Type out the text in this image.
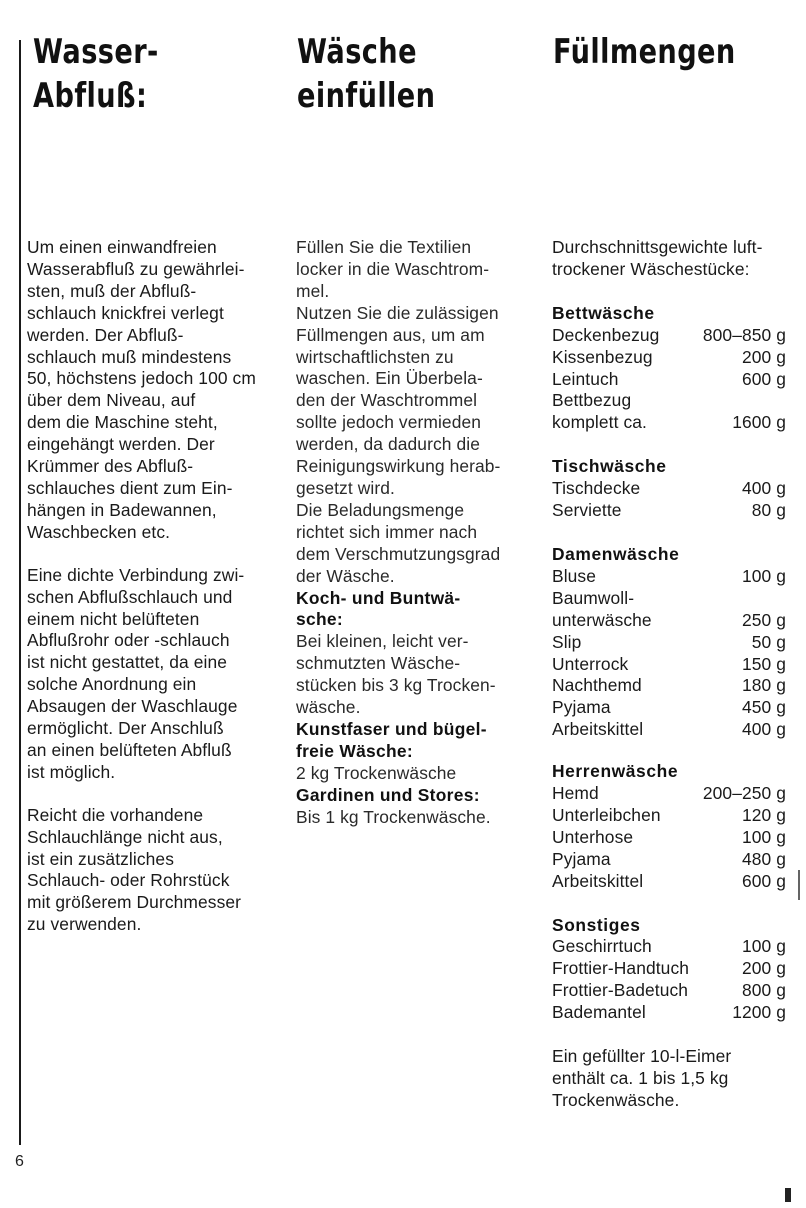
Wasser-
Abfluß:
Wäsche
einfüllen
Füllmengen

Um einen einwandfreien
Wasserabfluß zu gewährlei-
sten, muß der Abfluß-
schlauch knickfrei verlegt
werden. Der Abfluß-
schlauch muß mindestens
50, höchstens jedoch 100 cm
über dem Niveau, auf
dem die Maschine steht,
eingehängt werden. Der
Krümmer des Abfluß-
schlauches dient zum Ein-
hängen in Badewannen,
Waschbecken etc.

Eine dichte Verbindung zwi-
schen Abflußschlauch und
einem nicht belüfteten
Abflußrohr oder -schlauch
ist nicht gestattet, da eine
solche Anordnung ein
Absaugen der Waschlauge
ermöglicht. Der Anschluß
an einen belüfteten Abfluß
ist möglich.

Reicht die vorhandene
Schlauchlänge nicht aus,
ist ein zusätzliches
Schlauch- oder Rohrstück
mit größerem Durchmesser
zu verwenden.

Füllen Sie die Textilien
locker in die Waschtrom-
mel.

Nutzen Sie die zulässigen
Füllmengen aus, um am
wirtschaftlichsten zu
waschen. Ein Überbela-
den der Waschtrommel
sollte jedoch vermieden
werden, da dadurch die
Reinigungswirkung herab-
gesetzt wird.

Die Beladungsmenge
richtet sich immer nach
dem Verschmutzungsgrad
der Wäsche.

Koch- und Buntwä-
sche:
Bei kleinen, leicht ver-
schmutzten Wäsche-
stücken bis 3 kg Trocken-
wäsche.

Kunstfaser und bügel-
freie Wäsche:
2 kg Trockenwäsche

Gardinen und Stores:
Bis 1 kg Trockenwäsche.

Durchschnittsgewichte luft-
trockener Wäschestücke:

Bettwäsche
Deckenbezug 800–850 g
Kissenbezug	200 g
Leintuch	600 g
Bettbezug
komplett ca.	1600 g
Tischwäsche
Tischdecke	400 g
Serviette	80 g
Damenwäsche
Bluse	100 g
Baumwoll-
unterwäsche	250 g
Slip	50 g
Unterrock	150 g
Nachthemd	180 g
Pyjama	450 g
Arbeitskittel	400 g
Herrenwäsche
Hemd	200–250 g
Unterleibchen	120 g
Unterhose	100 g
Pyjama	480 g
Arbeitskittel	600 g
Sonstiges
Geschirrtuch	100 g
Frottier-Handtuch	200 g
Frottier-Badetuch	800 g
Bademantel	1200 g

Ein gefüllter 10-l-Eimer
enthält ca. 1 bis 1,5 kg
Trockenwäsche.

6
